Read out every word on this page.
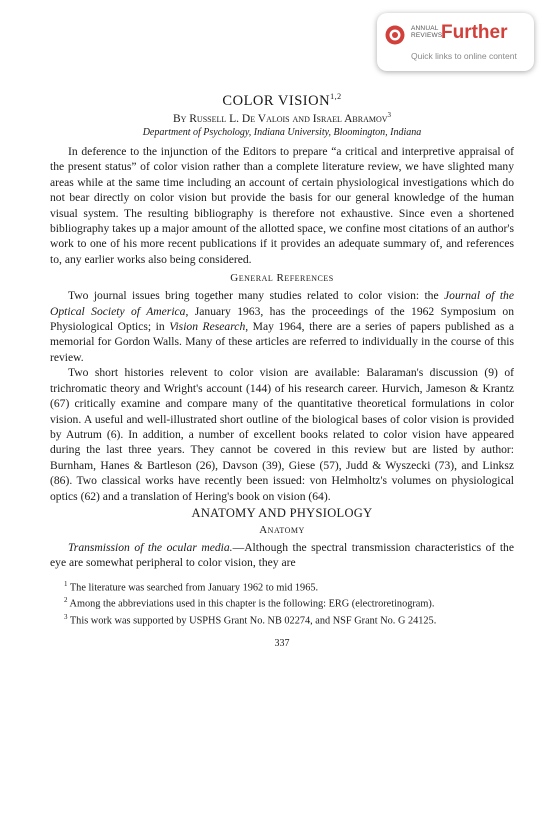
ANNUAL
REVIEWS
Further
Quick links to online content

COLOR VISION$^{1,2}$

By Russell L. De Valois and Israel Abramov$^3$

Department of Psychology, Indiana University, Bloomington, Indiana

In deference to the injunction of the Editors to prepare “a critical and interpretive appraisal of the present status” of color vision rather than a complete literature review, we have slighted many areas while at the same time including an account of certain physiological investigations which do not bear directly on color vision but provide the basis for our general knowledge of the human visual system. The resulting bibliography is therefore not exhaustive. Since even a shortened bibliography takes up a major amount of the allotted space, we confine most citations of an author's work to one of his more recent publications if it provides an adequate summary of, and references to, any earlier works also being considered.

General References

Two journal issues bring together many studies related to color vision: the Journal of the Optical Society of America, January 1963, has the proceedings of the 1962 Symposium on Physiological Optics; in Vision Research, May 1964, there are a series of papers published as a memorial for Gordon Walls. Many of these articles are referred to individually in the course of this review.

Two short histories relevent to color vision are available: Balaraman's discussion (9) of trichromatic theory and Wright's account (144) of his research career. Hurvich, Jameson & Krantz (67) critically examine and compare many of the quantitative theoretical formulations in color vision. A useful and well-illustrated short outline of the biological bases of color vision is provided by Autrum (6). In addition, a number of excellent books related to color vision have appeared during the last three years. They cannot be covered in this review but are listed by author: Burnham, Hanes & Bartleson (26), Davson (39), Giese (57), Judd & Wyszecki (73), and Linksz (86). Two classical works have recently been issued: von Helmholtz's volumes on physiological optics (62) and a translation of Hering's book on vision (64).

ANATOMY AND PHYSIOLOGY

Anatomy

Transmission of the ocular media.—Although the spectral transmission characteristics of the eye are somewhat peripheral to color vision, they are

$^1$ The literature was searched from January 1962 to mid 1965.

$^2$ Among the abbreviations used in this chapter is the following: ERG (electroretinogram).

$^3$ This work was supported by USPHS Grant No. NB 02274, and NSF Grant No. G 24125.

337
